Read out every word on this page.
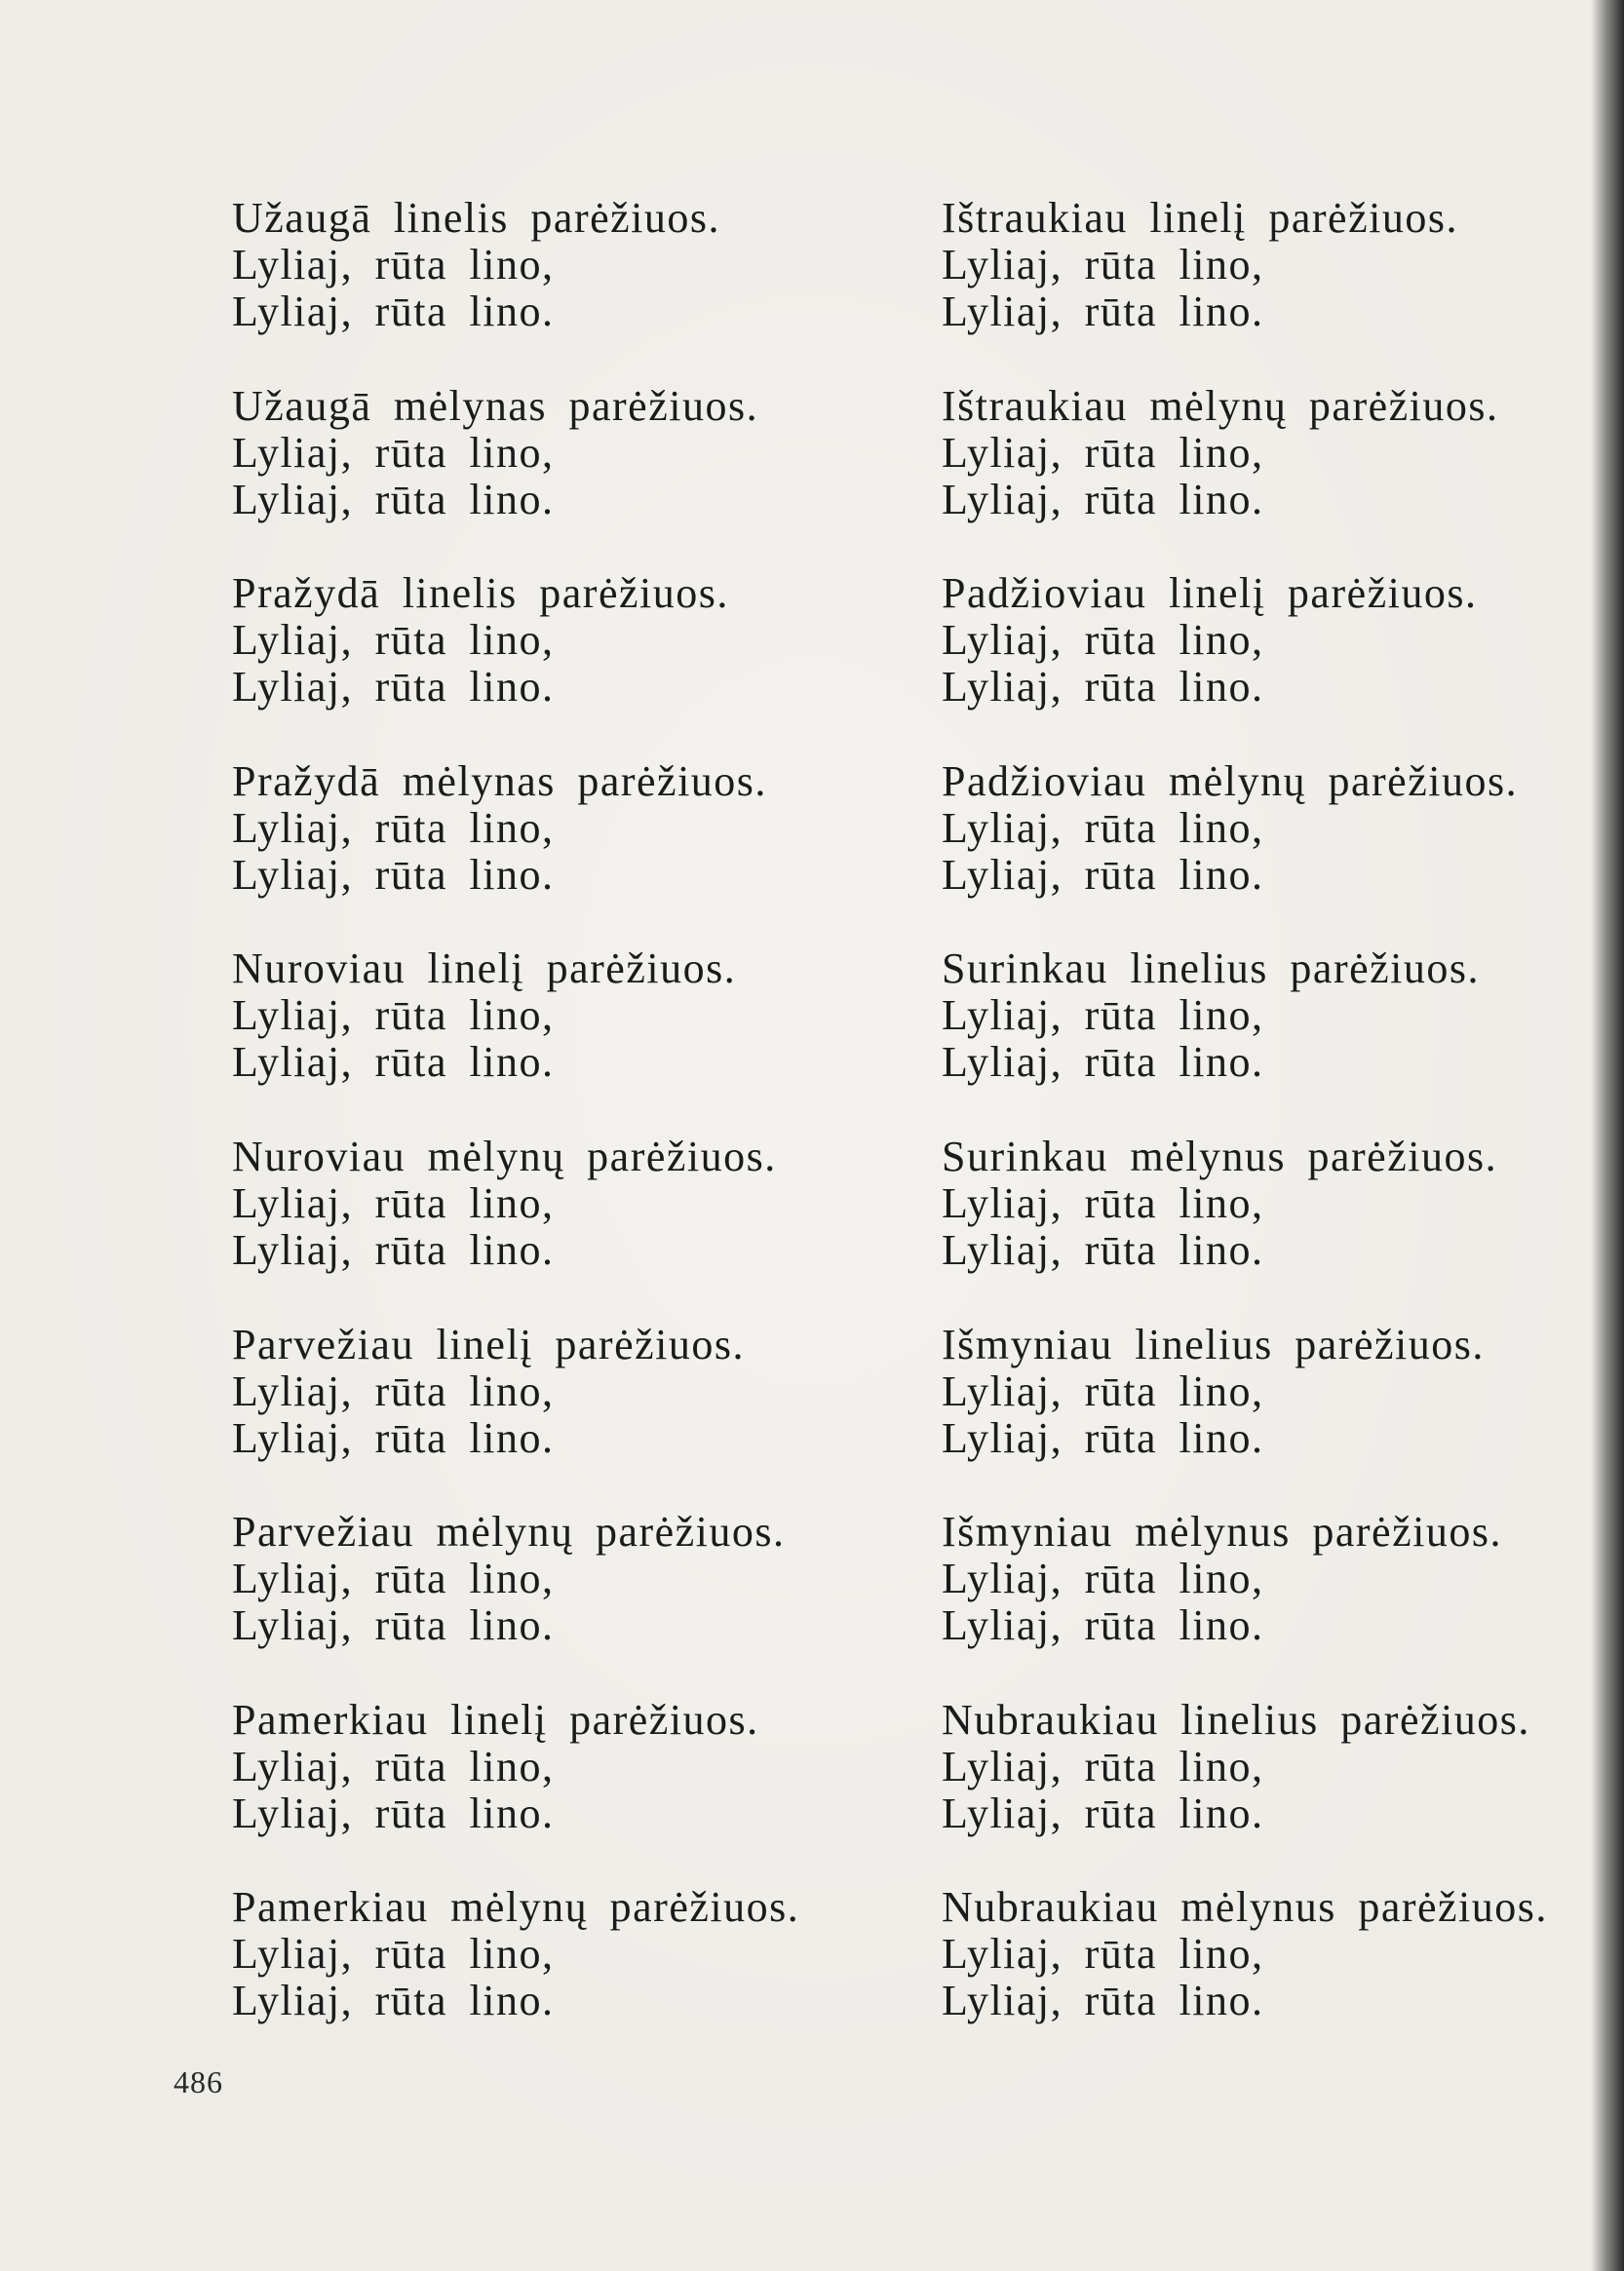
Užaugā linelis parėžiuos.
Lyliaj, rūta lino,
Lyliaj, rūta lino.
Užaugā mėlynas parėžiuos.
Lyliaj, rūta lino,
Lyliaj, rūta lino.
Pražydā linelis parėžiuos.
Lyliaj, rūta lino,
Lyliaj, rūta lino.
Pražydā mėlynas parėžiuos.
Lyliaj, rūta lino,
Lyliaj, rūta lino.
Nuroviau linelį parėžiuos.
Lyliaj, rūta lino,
Lyliaj, rūta lino.
Nuroviau mėlynų parėžiuos.
Lyliaj, rūta lino,
Lyliaj, rūta lino.
Parvežiau linelį parėžiuos.
Lyliaj, rūta lino,
Lyliaj, rūta lino.
Parvežiau mėlynų parėžiuos.
Lyliaj, rūta lino,
Lyliaj, rūta lino.
Pamerkiau linelį parėžiuos.
Lyliaj, rūta lino,
Lyliaj, rūta lino.
Pamerkiau mėlynų parėžiuos.
Lyliaj, rūta lino,
Lyliaj, rūta lino.
Ištraukiau linelį parėžiuos.
Lyliaj, rūta lino,
Lyliaj, rūta lino.
Ištraukiau mėlynų parėžiuos.
Lyliaj, rūta lino,
Lyliaj, rūta lino.
Padžioviau linelį parėžiuos.
Lyliaj, rūta lino,
Lyliaj, rūta lino.
Padžioviau mėlynų parėžiuos.
Lyliaj, rūta lino,
Lyliaj, rūta lino.
Surinkau linelius parėžiuos.
Lyliaj, rūta lino,
Lyliaj, rūta lino.
Surinkau mėlynus parėžiuos.
Lyliaj, rūta lino,
Lyliaj, rūta lino.
Išmyniau linelius parėžiuos.
Lyliaj, rūta lino,
Lyliaj, rūta lino.
Išmyniau mėlynus parėžiuos.
Lyliaj, rūta lino,
Lyliaj, rūta lino.
Nubraukiau linelius parėžiuos.
Lyliaj, rūta lino,
Lyliaj, rūta lino.
Nubraukiau mėlynus parėžiuos.
Lyliaj, rūta lino,
Lyliaj, rūta lino.
486
